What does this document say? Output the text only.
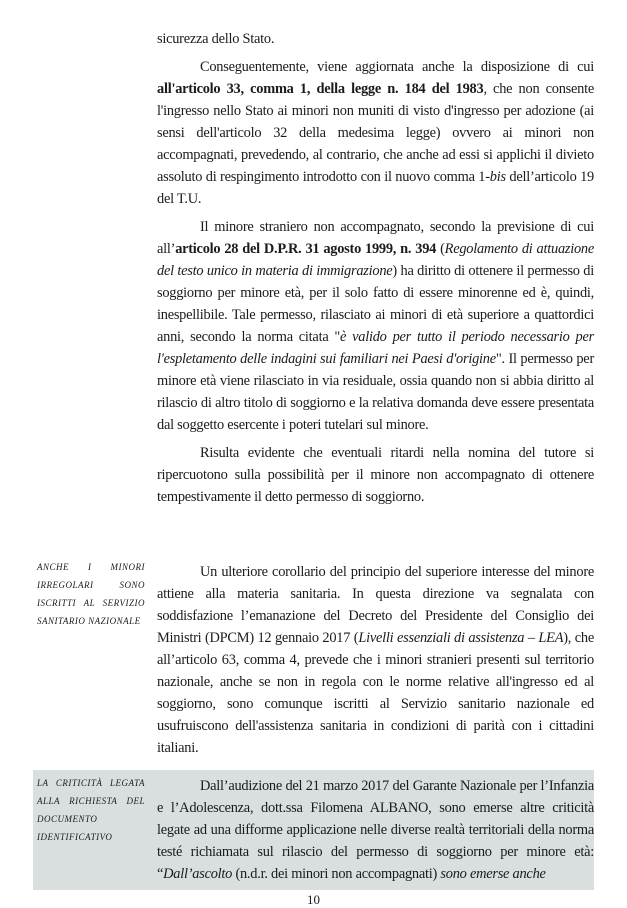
sicurezza dello Stato.

Conseguentemente, viene aggiornata anche la disposizione di cui all'articolo 33, comma 1, della legge n. 184 del 1983, che non consente l'ingresso nello Stato ai minori non muniti di visto d'ingresso per adozione (ai sensi dell'articolo 32 della medesima legge) ovvero ai minori non accompagnati, prevedendo, al contrario, che anche ad essi si applichi il divieto assoluto di respingimento introdotto con il nuovo comma 1-bis dell’articolo 19 del T.U.

Il minore straniero non accompagnato, secondo la previsione di cui all’articolo 28 del D.P.R. 31 agosto 1999, n. 394 (Regolamento di attuazione del testo unico in materia di immigrazione) ha diritto di ottenere il permesso di soggiorno per minore età, per il solo fatto di essere minorenne ed è, quindi, inespellibile. Tale permesso, rilasciato ai minori di età superiore a quattordici anni, secondo la norma citata "è valido per tutto il periodo necessario per l'espletamento delle indagini sui familiari nei Paesi d'origine". Il permesso per minore età viene rilasciato in via residuale, ossia quando non si abbia diritto al rilascio di altro titolo di soggiorno e la relativa domanda deve essere presentata dal soggetto esercente i poteri tutelari sul minore.

Risulta evidente che eventuali ritardi nella nomina del tutore si ripercuotono sulla possibilità per il minore non accompagnato di ottenere tempestivamente il detto permesso di soggiorno.

Un ulteriore corollario del principio del superiore interesse del minore attiene alla materia sanitaria. In questa direzione va segnalata con soddisfazione l’emanazione del Decreto del Presidente del Consiglio dei Ministri (DPCM) 12 gennaio 2017 (Livelli essenziali di assistenza – LEA), che all’articolo 63, comma 4, prevede che i minori stranieri presenti sul territorio nazionale, anche se non in regola con le norme relative all'ingresso ed al soggiorno, sono comunque iscritti al Servizio sanitario nazionale ed usufruiscono dell'assistenza sanitaria in condizioni di parità con i cittadini italiani.

Dall’audizione del 21 marzo 2017 del Garante Nazionale per l’Infanzia e l’Adolescenza, dott.ssa Filomena ALBANO, sono emerse altre criticità legate ad una difforme applicazione nelle diverse realtà territoriali della norma testé richiamata sul rilascio del permesso di soggiorno per minore età: “Dall’ascolto (n.d.r. dei minori non accompagnati) sono emerse anche

ANCHE I MINORI IRREGOLARI SONO ISCRITTI AL SERVIZIO SANITARIO NAZIONALE
LA CRITICITÀ LEGATA ALLA RICHIESTA DEL DOCUMENTO IDENTIFICATIVO
10
